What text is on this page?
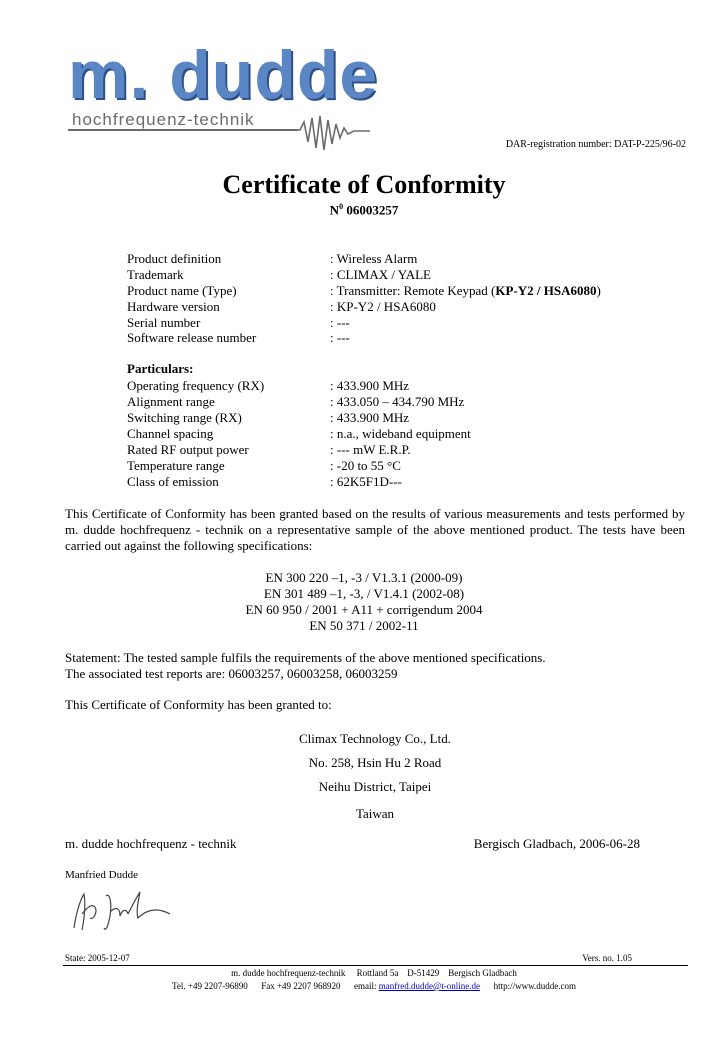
m. dudde
hochfrequenz-technik
DAR-registration number: DAT-P-225/96-02
Certificate of Conformity
$N^0$ 06003257
Product definition	: Wireless Alarm
Trademark	: CLIMAX / YALE
Product name (Type)	: Transmitter: Remote Keypad (KP-Y2 / HSA6080)
Hardware version	: KP-Y2 / HSA6080
Serial number	: ---
Software release number	: ---
Particulars:
Operating frequency (RX)	: 433.900 MHz
Alignment range	: 433.050 – 434.790 MHz
Switching range (RX)	: 433.900 MHz
Channel spacing	: n.a., wideband equipment
Rated RF output power	: --- mW E.R.P.
Temperature range	: -20 to 55 °C
Class of emission	: 62K5F1D---
This Certificate of Conformity has been granted based on the results of various measurements and tests performed by m. dudde hochfrequenz - technik on a representative sample of the above mentioned product. The tests have been carried out against the following specifications:
EN 300 220 –1, -3 / V1.3.1 (2000-09)
EN 301 489 –1, -3, / V1.4.1 (2002-08)
EN 60 950 / 2001 + A11 + corrigendum 2004
EN 50 371 / 2002-11
Statement: The tested sample fulfils the requirements of the above mentioned specifications.
The associated test reports are: 06003257, 06003258, 06003259
This Certificate of Conformity has been granted to:
Climax Technology Co., Ltd.
No. 258, Hsin Hu 2 Road
Neihu District, Taipei
Taiwan
m. dudde hochfrequenz - technik	Bergisch Gladbach, 2006-06-28
Manfried Dudde
State: 2005-12-07	Vers. no. 1.05
m. dudde hochfrequenz-technik     Rottland 5a    D-51429    Bergisch Gladbach
Tel. +49 2207-96890      Fax +49 2207 968920      email: manfred.dudde@t-online.de      http://www.dudde.com
